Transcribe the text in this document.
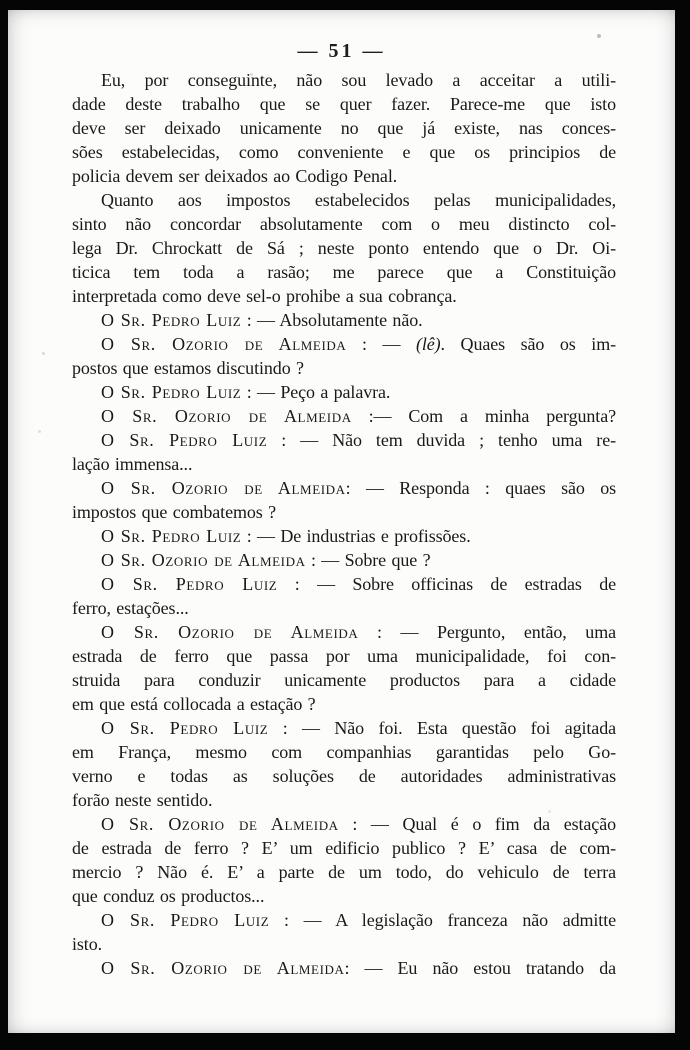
— 51 —
Eu, por conseguinte, não sou levado a acceitar a utili-
dade deste trabalho que se quer fazer. Parece-me que isto
deve ser deixado unicamente no que já existe, nas conces-
sões estabelecidas, como conveniente e que os principios de
policia devem ser deixados ao Codigo Penal.
Quanto aos impostos estabelecidos pelas municipalidades,
sinto não concordar absolutamente com o meu distincto col-
lega Dr. Chrockatt de Sá ; neste ponto entendo que o Dr. Oi-
ticica tem toda a rasão; me parece que a Constituição
interpretada como deve sel-o prohibe a sua cobrança.
O Sr. Pedro Luiz : — Absolutamente não.
O Sr. Ozorio de Almeida : — (lê). Quaes são os im-
postos que estamos discutindo ?
O Sr. Pedro Luiz : — Peço a palavra.
O Sr. Ozorio de Almeida :— Com a minha pergunta?
O Sr. Pedro Luiz : — Não tem duvida ; tenho uma re-
lação immensa...
O Sr. Ozorio de Almeida: — Responda : quaes são os
impostos que combatemos ?
O Sr. Pedro Luiz : — De industrias e profissões.
O Sr. Ozorio de Almeida : — Sobre que ?
O Sr. Pedro Luiz : — Sobre officinas de estradas de
ferro, estações...
O Sr. Ozorio de Almeida : — Pergunto, então, uma
estrada de ferro que passa por uma municipalidade, foi con-
struida para conduzir unicamente productos para a cidade
em que está collocada a estação ?
O Sr. Pedro Luiz : — Não foi. Esta questão foi agitada
em França, mesmo com companhias garantidas pelo Go-
verno e todas as soluções de autoridades administrativas
forão neste sentido.
O Sr. Ozorio de Almeida : — Qual é o fim da estação
de estrada de ferro ? E’ um edificio publico ? E’ casa de com-
mercio ? Não é. E’ a parte de um todo, do vehiculo de terra
que conduz os productos...
O Sr. Pedro Luiz : — A legislação franceza não admitte
isto.
O Sr. Ozorio de Almeida: — Eu não estou tratando da
